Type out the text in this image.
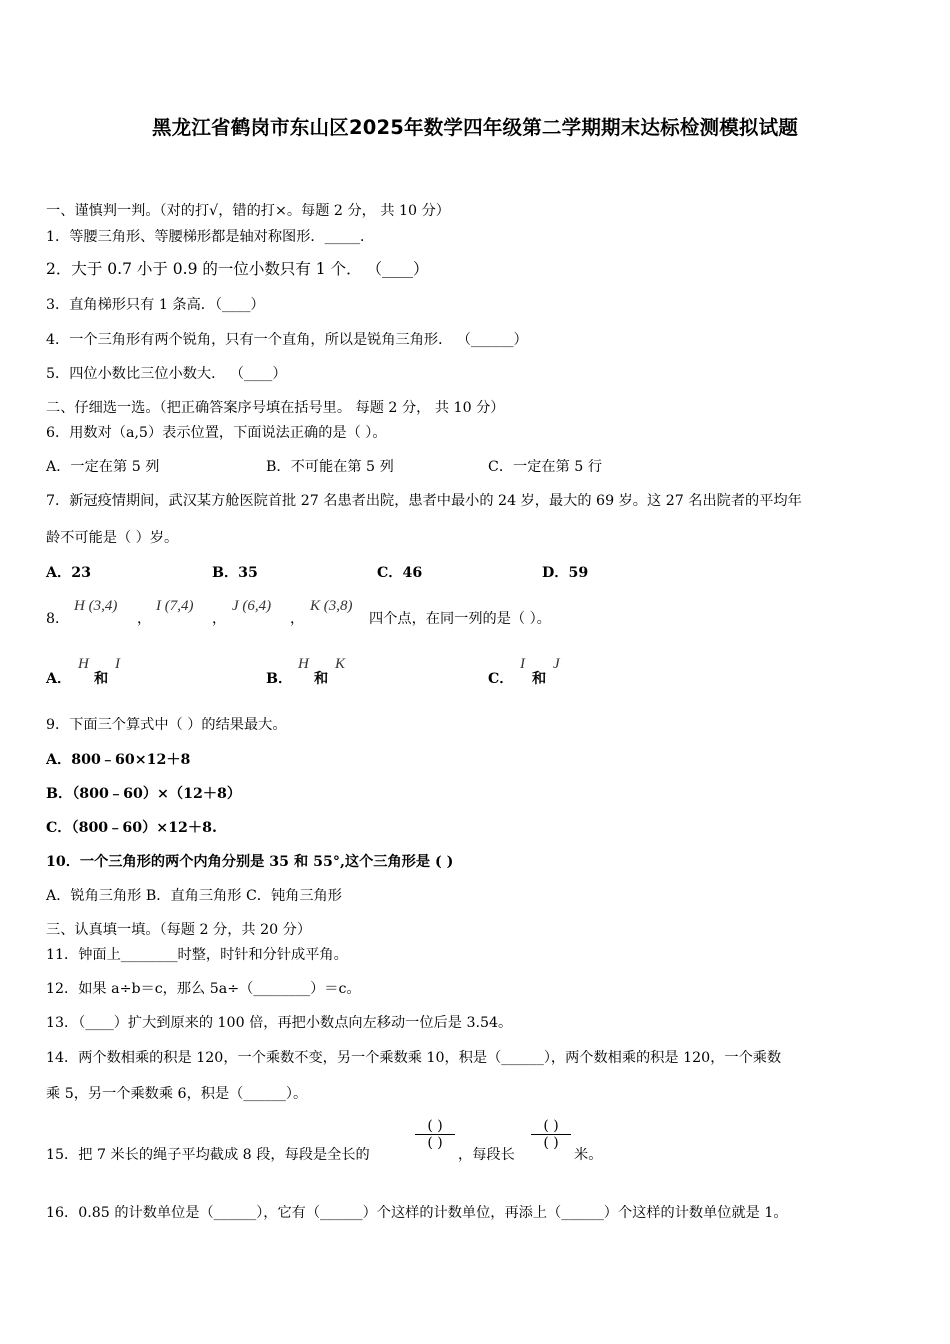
黑龙江省鹤岗市东山区2025年数学四年级第二学期期末达标检测模拟试题
一、谨慎判一判。（对的打√，错的打×。每题 2 分， 共 10 分）
1．等腰三角形、等腰梯形都是轴对称图形．_____．
2．大于 0.7 小于 0.9 的一位小数只有 1 个． （____）
3．直角梯形只有 1 条高．（____）
4．一个三角形有两个锐角，只有一个直角，所以是锐角三角形． （______）
5．四位小数比三位小数大． （____）
二、仔细选一选。（把正确答案序号填在括号里。 每题 2 分， 共 10 分）
6．用数对（a,5）表示位置，下面说法正确的是（ ）。
A．一定在第 5 列	B．不可能在第 5 列	C．一定在第 5 行
7．新冠疫情期间，武汉某方舱医院首批 27 名患者出院，患者中最小的 24 岁，最大的 69 岁。这 27 名出院者的平均年
龄不可能是（ ）岁。
A．23	B．35	C．46	D．59
8．
H (3,4)
，
I (7,4)
，
J (6,4)
，
K (3,8)
四个点，在同一列的是（ ）。
A．
H
和
I
B．
H
和
K
C．
I
和
J
9．下面三个算式中（ ）的结果最大。
A．800﹣60×12＋8
B．（800﹣60）×（12＋8）
C．（800﹣60）×12＋8.
10．一个三角形的两个内角分别是 35 和 55°,这个三角形是 ( )
A．锐角三角形 B．直角三角形 C．钝角三角形
三、认真填一填。（每题 2 分，共 20 分）
11．钟面上________时整，时针和分针成平角。
12．如果 a÷b＝c，那么 5a÷（________）＝c。
13．（____）扩大到原来的 100 倍，再把小数点向左移动一位后是 3.54。
14．两个数相乘的积是 120，一个乘数不变，另一个乘数乘 10，积是（______），两个数相乘的积是 120，一个乘数
乘 5，另一个乘数乘 6，积是（______）。
15．把 7 米长的绳子平均截成 8 段，每段是全长的
( )
( )
，每段长
( )
( )
米。
16．0.85 的计数单位是（______），它有（______）个这样的计数单位，再添上（______）个这样的计数单位就是 1。
